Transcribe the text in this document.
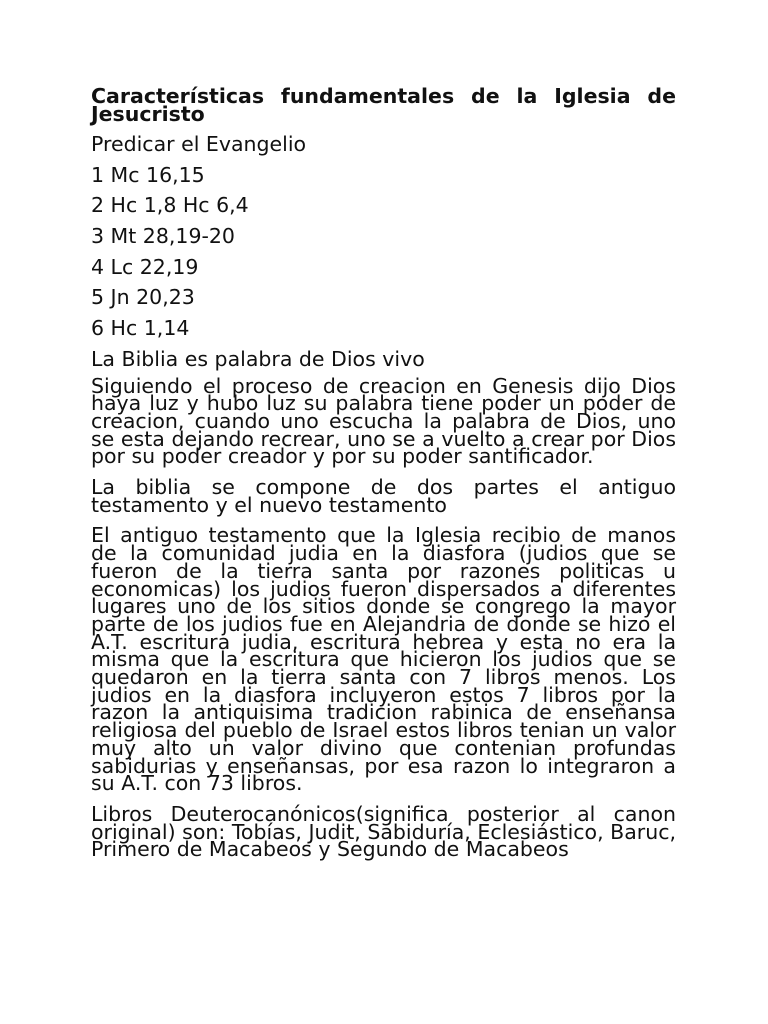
Características fundamentales de la Iglesia de Jesucristo
Predicar el Evangelio
1 Mc 16,15
2 Hc 1,8 Hc 6,4
3 Mt 28,19-20
4 Lc 22,19
5 Jn 20,23
6 Hc 1,14
La Biblia es palabra de Dios vivo
Siguiendo el proceso de creacion en Genesis dijo Dios haya luz y hubo luz su palabra tiene poder un poder de creacion, cuando uno escucha la palabra de Dios, uno se esta dejando recrear, uno se a vuelto a crear por Dios por su poder creador y por su poder santificador.
La biblia se compone de dos partes el antiguo testamento y el nuevo testamento
El antiguo testamento que la Iglesia recibio de manos de la comunidad judia en la diasfora (judios que se fueron de la tierra santa por razones politicas u economicas) los judios fueron dispersados a diferentes lugares uno de los sitios donde se congrego la mayor parte de los judios fue en Alejandria de donde se hizo el A.T. escritura judia, escritura hebrea y esta no era la misma que la escritura que hicieron los judios que se quedaron en la tierra santa con 7 libros menos. Los judios en la diasfora incluyeron estos 7 libros por la razon la antiquisima tradicion rabinica de enseñansa religiosa del pueblo de Israel estos libros tenian un valor muy alto un valor divino que contenian profundas sabidurias y enseñansas, por esa razon lo integraron a su A.T. con 73 libros.
Libros Deuterocanónicos(significa posterior al canon original) son: Tobías, Judit, Sabiduría, Eclesiástico, Baruc, Primero de Macabeos y Segundo de Macabeos
